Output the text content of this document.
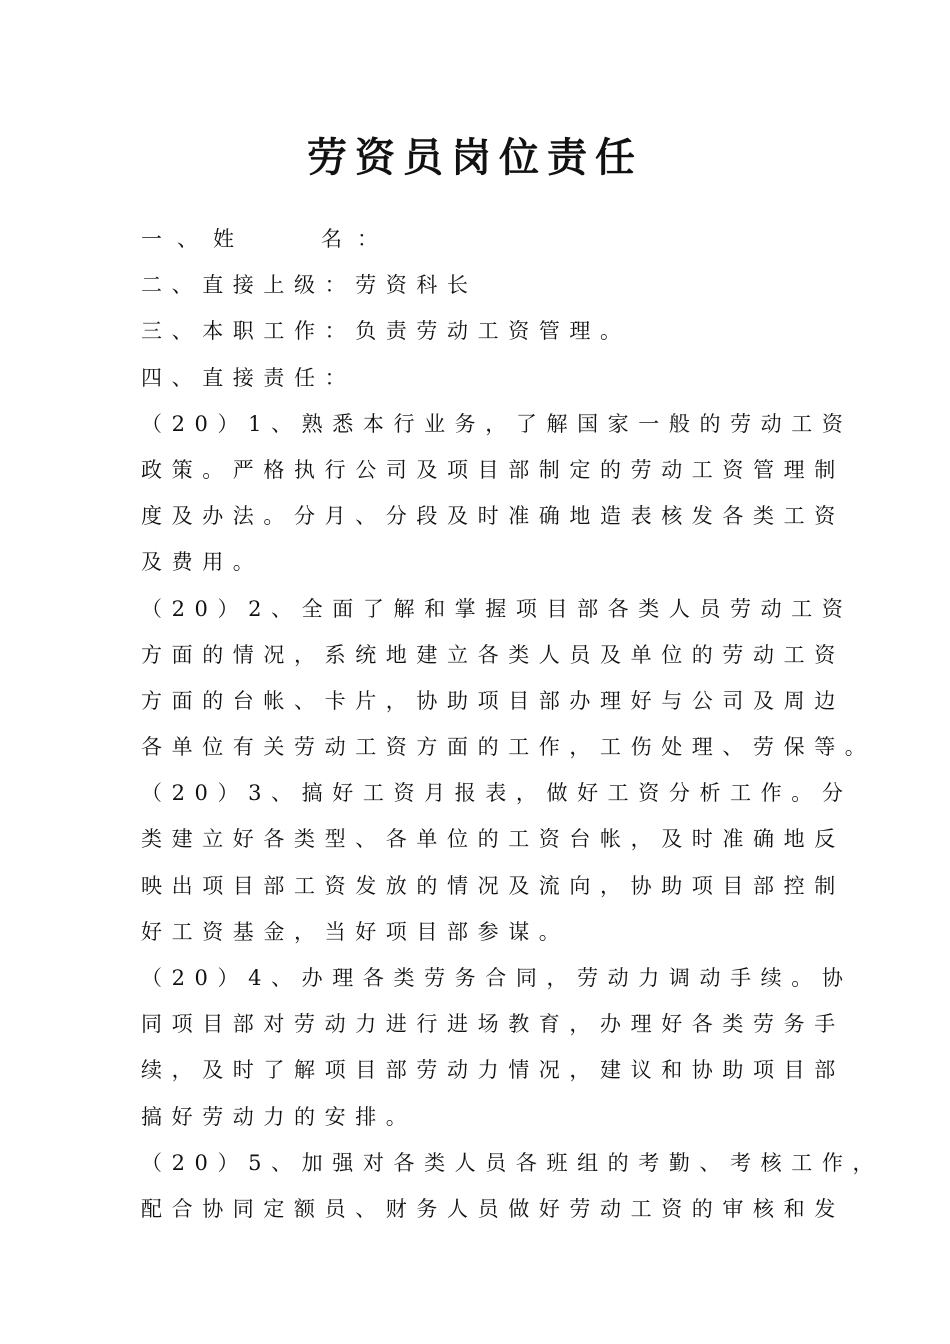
劳资员岗位责任
一、姓　　名：
二、直接上级：劳资科长
三、本职工作：负责劳动工资管理。
四、直接责任：
（20）1、熟悉本行业务，了解国家一般的劳动工资
政策。严格执行公司及项目部制定的劳动工资管理制
度及办法。分月、分段及时准确地造表核发各类工资
及费用。
（20）2、全面了解和掌握项目部各类人员劳动工资
方面的情况，系统地建立各类人员及单位的劳动工资
方面的台帐、卡片，协助项目部办理好与公司及周边
各单位有关劳动工资方面的工作，工伤处理、劳保等。
（20）3、搞好工资月报表，做好工资分析工作。分
类建立好各类型、各单位的工资台帐，及时准确地反
映出项目部工资发放的情况及流向，协助项目部控制
好工资基金，当好项目部参谋。
（20）4、办理各类劳务合同，劳动力调动手续。协
同项目部对劳动力进行进场教育，办理好各类劳务手
续，及时了解项目部劳动力情况，建议和协助项目部
搞好劳动力的安排。
（20）5、加强对各类人员各班组的考勤、考核工作，
配合协同定额员、财务人员做好劳动工资的审核和发
